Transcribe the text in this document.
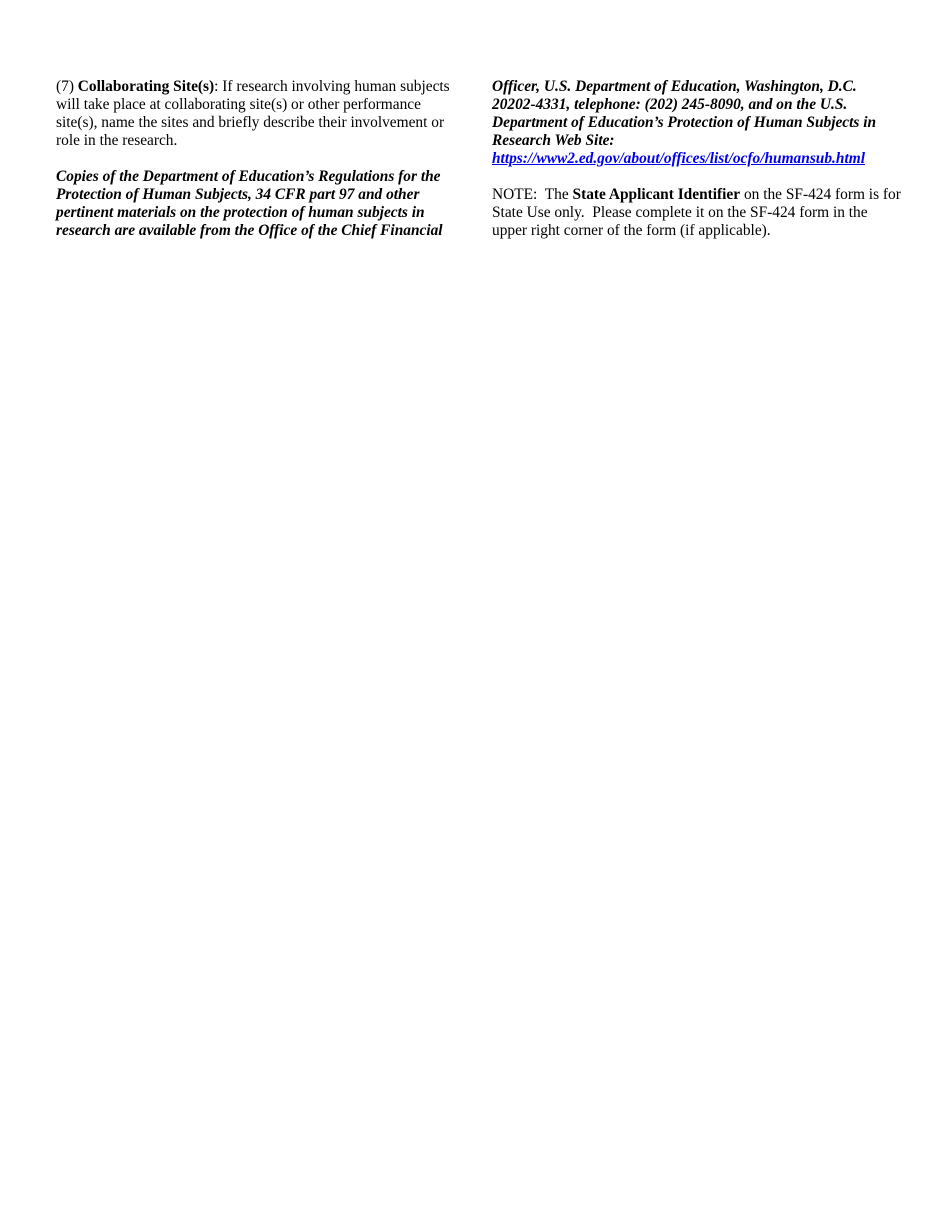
(7) Collaborating Site(s): If research involving human subjects will take place at collaborating site(s) or other performance site(s), name the sites and briefly describe their involvement or role in the research.

Copies of the Department of Education’s Regulations for the Protection of Human Subjects, 34 CFR part 97 and other pertinent materials on the protection of human subjects in research are available from the Office of the Chief Financial

Officer, U.S. Department of Education, Washington, D.C. 20202-4331, telephone: (202) 245-8090, and on the U.S. Department of Education’s Protection of Human Subjects in Research Web Site:
https://www2.ed.gov/about/offices/list/ocfo/humansub.html

NOTE:  The State Applicant Identifier on the SF-424 form is for State Use only.  Please complete it on the SF-424 form in the upper right corner of the form (if applicable).
